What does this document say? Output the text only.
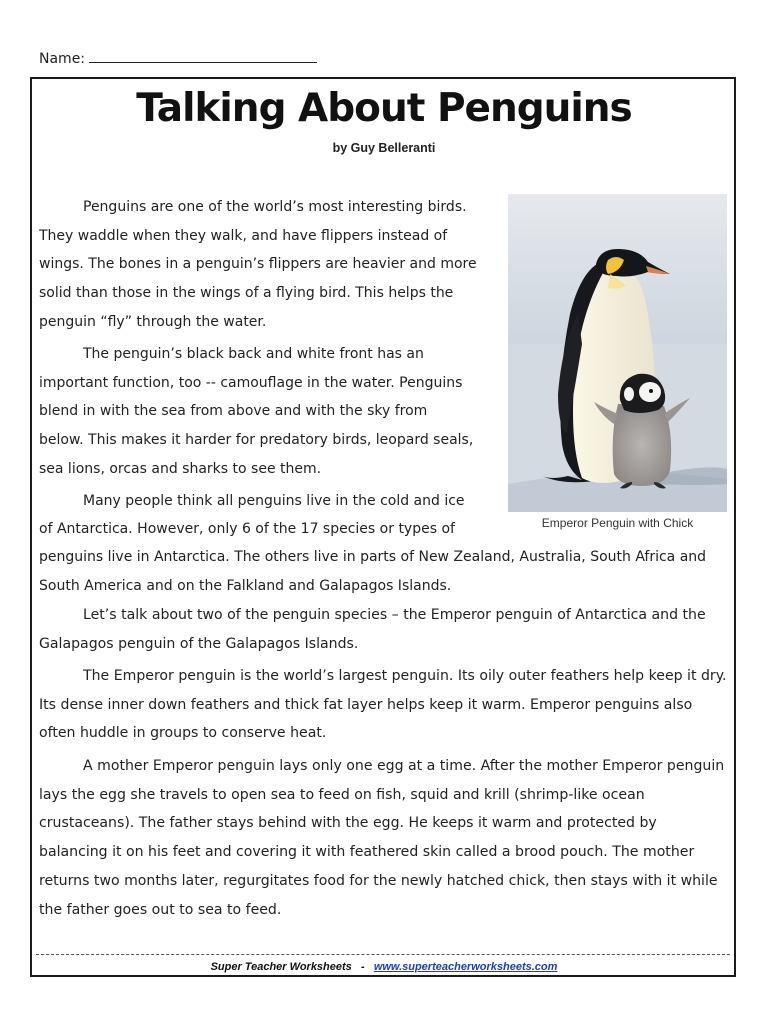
Name:
Talking About Penguins
by Guy Belleranti
Penguins are one of the world’s most interesting birds.
They waddle when they walk, and have flippers instead of
wings. The bones in a penguin’s flippers are heavier and more
solid than those in the wings of a flying bird. This helps the
penguin “fly” through the water.
The penguin’s black back and white front has an
important function, too -- camouflage in the water. Penguins
blend in with the sea from above and with the sky from
below. This makes it harder for predatory birds, leopard seals,
sea lions, orcas and sharks to see them.
Many people think all penguins live in the cold and ice
of Antarctica. However, only 6 of the 17 species or types of
penguins live in Antarctica. The others live in parts of New Zealand, Australia, South Africa and
South America and on the Falkland and Galapagos Islands.
Emperor Penguin with Chick

Let’s talk about two of the penguin species – the Emperor penguin of Antarctica and the Galapagos penguin of the Galapagos Islands.

The Emperor penguin is the world’s largest penguin. Its oily outer feathers help keep it dry. Its dense inner down feathers and thick fat layer helps keep it warm. Emperor penguins also often huddle in groups to conserve heat.

A mother Emperor penguin lays only one egg at a time. After the mother Emperor penguin lays the egg she travels to open sea to feed on fish, squid and krill (shrimp-like ocean crustaceans). The father stays behind with the egg. He keeps it warm and protected by balancing it on his feet and covering it with feathered skin called a brood pouch. The mother returns two months later, regurgitates food for the newly hatched chick, then stays with it while the father goes out to sea to feed.

Super Teacher Worksheets - www.superteacherworksheets.com
